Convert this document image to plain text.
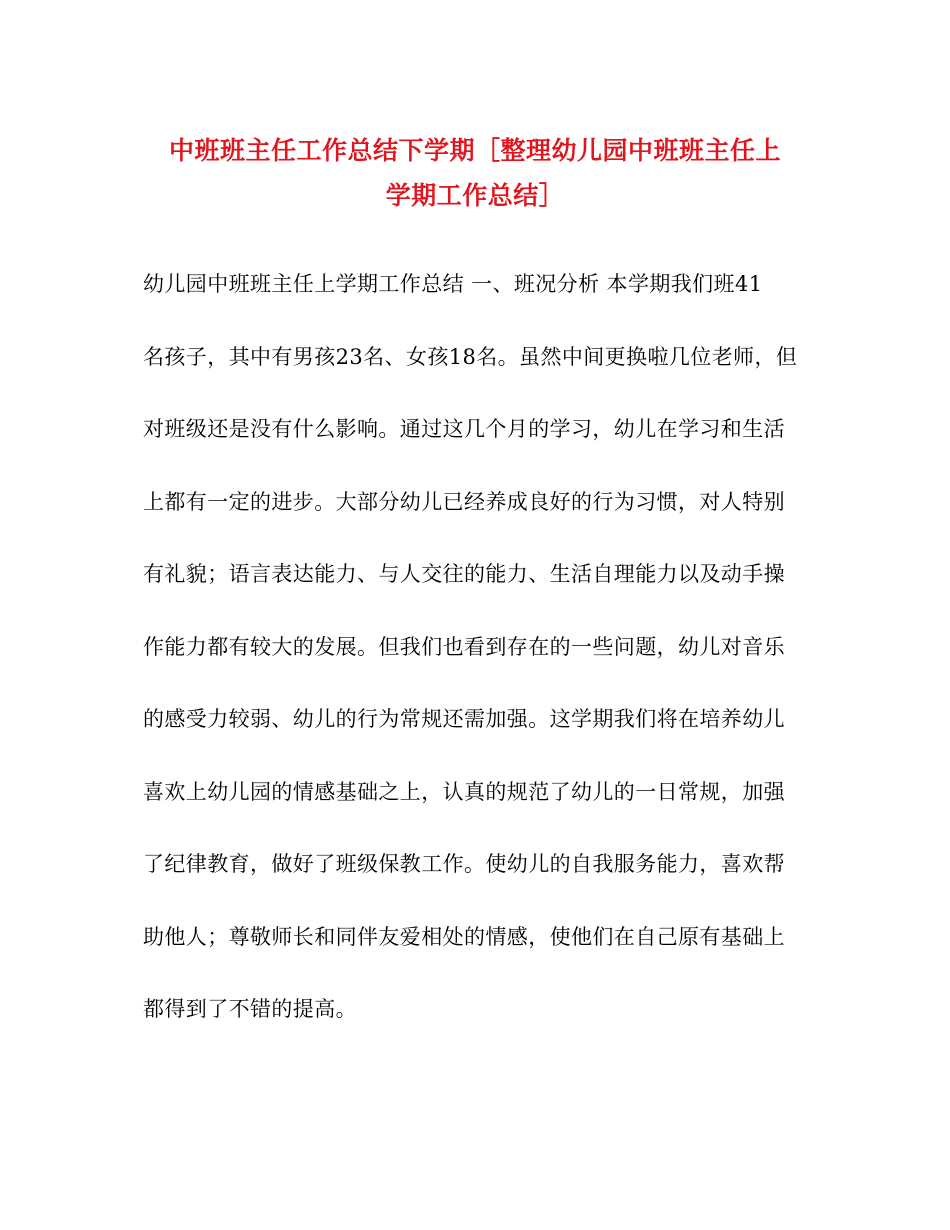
中班班主任工作总结下学期［整理幼儿园中班班主任上
学期工作总结］
幼儿园中班班主任上学期工作总结 一、班况分析 本学期我们班41
名孩子，其中有男孩23名、女孩18名。虽然中间更换啦几位老师，但
对班级还是没有什么影响。通过这几个月的学习，幼儿在学习和生活
上都有一定的进步。大部分幼儿已经养成良好的行为习惯，对人特别
有礼貌；语言表达能力、与人交往的能力、生活自理能力以及动手操
作能力都有较大的发展。但我们也看到存在的一些问题，幼儿对音乐
的感受力较弱、幼儿的行为常规还需加强。这学期我们将在培养幼儿
喜欢上幼儿园的情感基础之上，认真的规范了幼儿的一日常规，加强
了纪律教育，做好了班级保教工作。使幼儿的自我服务能力，喜欢帮
助他人；尊敬师长和同伴友爱相处的情感，使他们在自己原有基础上
都得到了不错的提高。
